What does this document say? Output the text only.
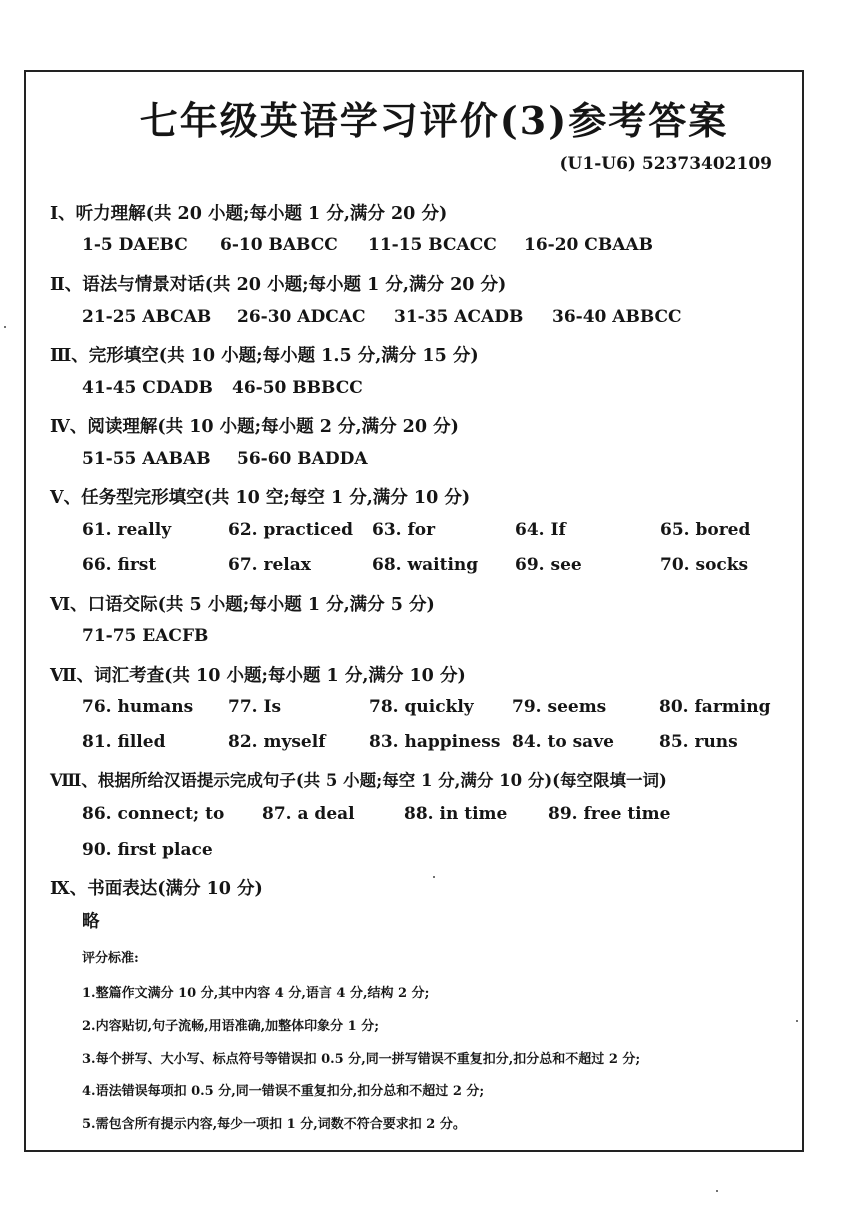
七年级英语学习评价(3)参考答案
(U1-U6) 52373402109
Ⅰ、听力理解(共 20 小题;每小题 1 分,满分 20 分)
1-5 DAEBC 6-10 BABCC 11-15 BCACC 16-20 CBAAB
Ⅱ、语法与情景对话(共 20 小题;每小题 1 分,满分 20 分)
21-25 ABCAB 26-30 ADCAC 31-35 ACADB 36-40 ABBCC
Ⅲ、完形填空(共 10 小题;每小题 1.5 分,满分 15 分)
41-45 CDADB 46-50 BBBCC
Ⅳ、阅读理解(共 10 小题;每小题 2 分,满分 20 分)
51-55 AABAB 56-60 BADDA
Ⅴ、任务型完形填空(共 10 空;每空 1 分,满分 10 分)
61. really	62. practiced 63. for	64. If	65. bored
66. first	67. relax	68. waiting 69. see	70. socks
Ⅵ、口语交际(共 5 小题;每小题 1 分,满分 5 分)
71-75 EACFB
Ⅶ、词汇考查(共 10 小题;每小题 1 分,满分 10 分)
76. humans 77. Is	78. quickly 79. seems	80. farming
81. filled	82. myself	83. happiness 84. to save	85. runs
Ⅷ、根据所给汉语提示完成句子(共 5 小题;每空 1 分,满分 10 分)(每空限填一词)
86. connect; to 87. a deal	88. in time 89. free time
90. first place
Ⅸ、书面表达(满分 10 分)
略
评分标准:
1.整篇作文满分 10 分,其中内容 4 分,语言 4 分,结构 2 分;
2.内容贴切,句子流畅,用语准确,加整体印象分 1 分;
3.每个拼写、大小写、标点符号等错误扣 0.5 分,同一拼写错误不重复扣分,扣分总和不超过 2 分;
4.语法错误每项扣 0.5 分,同一错误不重复扣分,扣分总和不超过 2 分;
5.需包含所有提示内容,每少一项扣 1 分,词数不符合要求扣 2 分。
